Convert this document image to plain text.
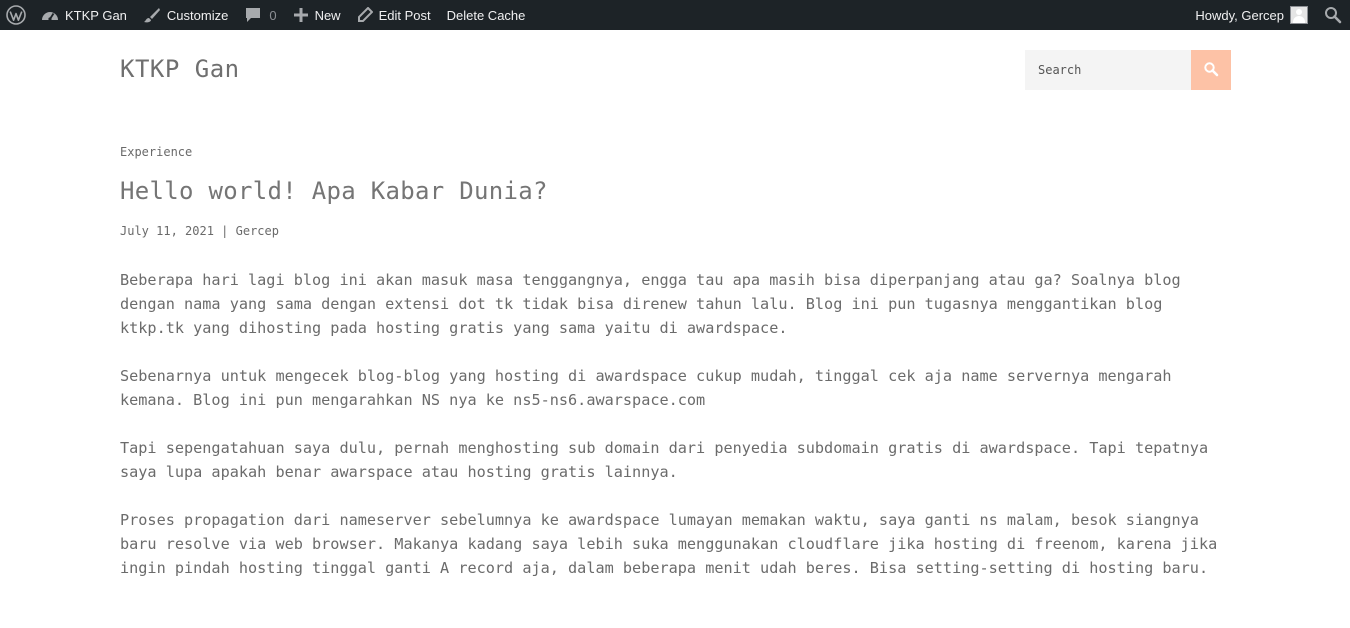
KTKP Gan	Customize	0	New	Edit Post Delete Cache	Howdy, Gercep
KTKP Gan
Search
Experience
Hello world! Apa Kabar Dunia?
July 11, 2021 | Gercep

Beberapa hari lagi blog ini akan masuk masa tenggangnya, engga tau apa masih bisa diperpanjang atau ga? Soalnya blog dengan nama yang sama dengan extensi dot tk tidak bisa direnew tahun lalu. Blog ini pun tugasnya menggantikan blog ktkp.tk yang dihosting pada hosting gratis yang sama yaitu di awardspace.

Sebenarnya untuk mengecek blog-blog yang hosting di awardspace cukup mudah, tinggal cek aja name servernya mengarah kemana. Blog ini pun mengarahkan NS nya ke ns5-ns6.awarspace.com

Tapi sepengatahuan saya dulu, pernah menghosting sub domain dari penyedia subdomain gratis di awardspace. Tapi tepatnya saya lupa apakah benar awarspace atau hosting gratis lainnya.

Proses propagation dari nameserver sebelumnya ke awardspace lumayan memakan waktu, saya ganti ns malam, besok siangnya baru resolve via web browser. Makanya kadang saya lebih suka menggunakan cloudflare jika hosting di freenom, karena jika ingin pindah hosting tinggal ganti A record aja, dalam beberapa menit udah beres. Bisa setting-setting di hosting baru.
